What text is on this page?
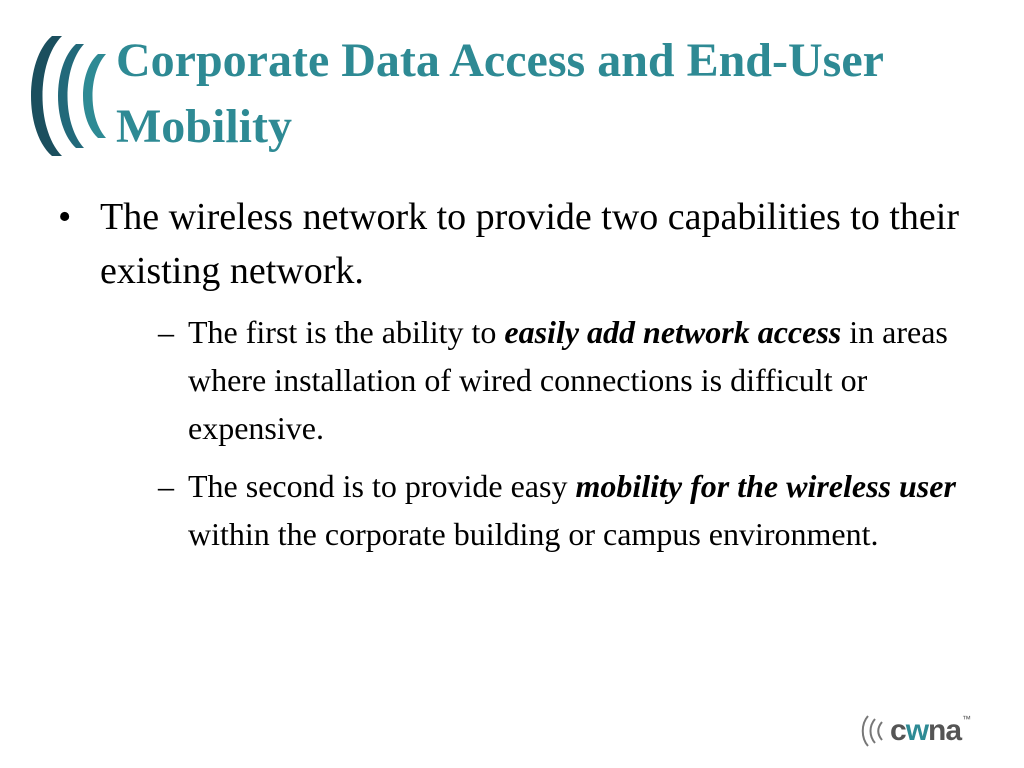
Corporate Data Access and End-User Mobility
• The wireless network to provide two capabilities to their existing network.
– The first is the ability to easily add network access in areas where installation of wired connections is difficult or expensive.
– The second is to provide easy mobility for the wireless user within the corporate building or campus environment.
cwna ™
